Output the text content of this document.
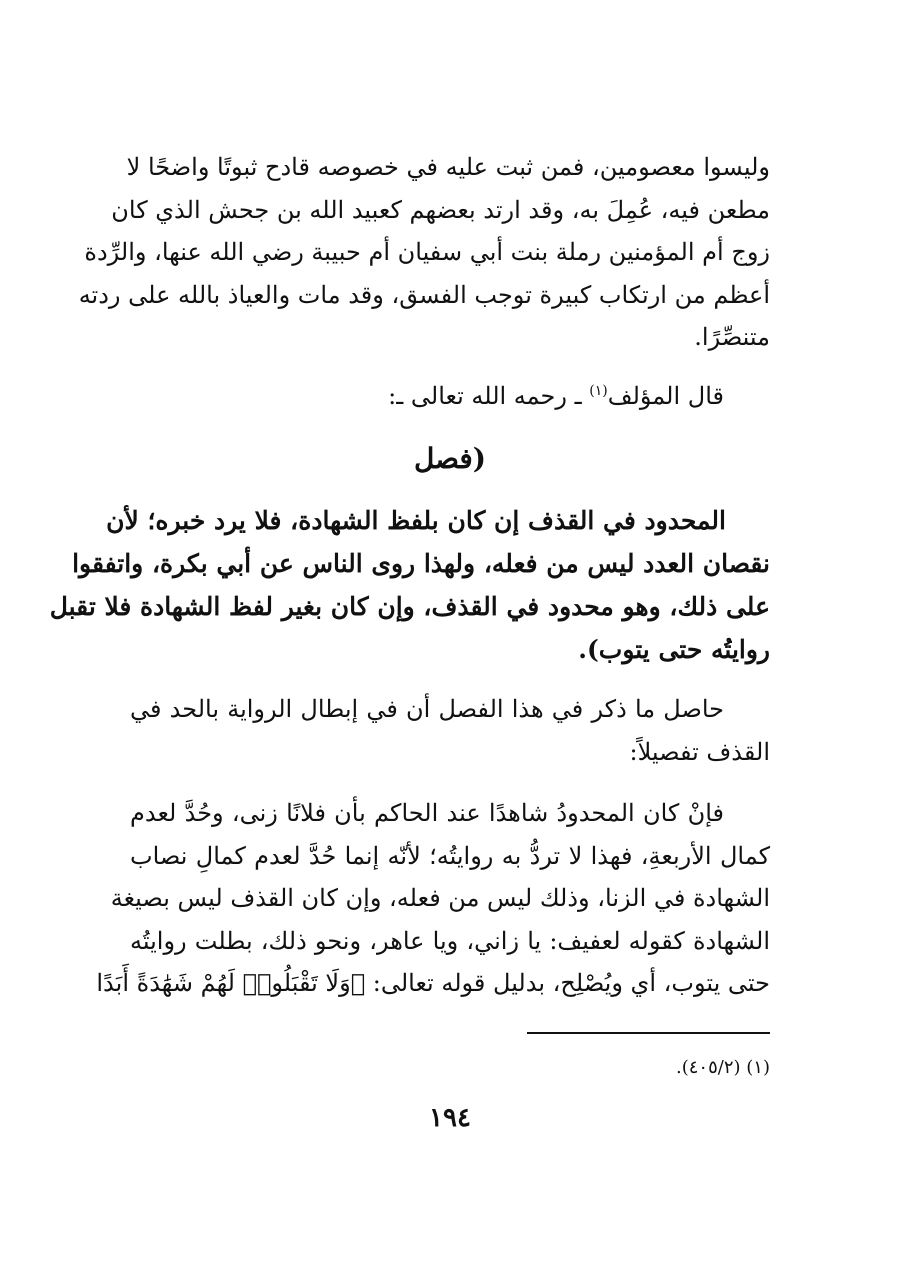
وليسوا معصومين، فمن ثبت عليه في خصوصه قادح ثبوتًا واضحًا لا
مطعن فيه، عُمِلَ به، وقد ارتد بعضهم كعبيد الله بن جحش الذي كان
زوج أم المؤمنين رملة بنت أبي سفيان أم حبيبة رضي الله عنها، والرِّدة
أعظم من ارتكاب كبيرة توجب الفسق، وقد مات والعياذ بالله على ردته
متنصِّرًا.
قال المؤلف$^{(١)}$ ـ رحمه الله تعالى ـ:
(فصل
المحدود في القذف إن كان بلفظ الشهادة، فلا يرد خبره؛ لأن
نقصان العدد ليس من فعله، ولهذا روى الناس عن أبي بكرة، واتفقوا
على ذلك، وهو محدود في القذف، وإن كان بغير لفظ الشهادة فلا تقبل
روايتُه حتى يتوب).
حاصل ما ذكر في هذا الفصل أن في إبطال الرواية بالحد في
القذف تفصيلاً:
فإنْ كان المحدودُ شاهدًا عند الحاكم بأن فلانًا زنى، وحُدَّ لعدم
كمال الأربعةِ، فهذا لا تردُّ به روايتُه؛ لأنّه إنما حُدَّ لعدم كمالِ نصاب
الشهادة في الزنا، وذلك ليس من فعله، وإن كان القذف ليس بصيغة
الشهادة كقوله لعفيف: يا زاني، ويا عاهر، ونحو ذلك، بطلت روايتُه
حتى يتوب، أي ويُصْلِح، بدليل قوله تعالى: ﴿وَلَا تَقْبَلُوا۟ لَهُمْ شَهَٰدَةً أَبَدًا
(١) (٤٠٥/٢).
١٩٤
